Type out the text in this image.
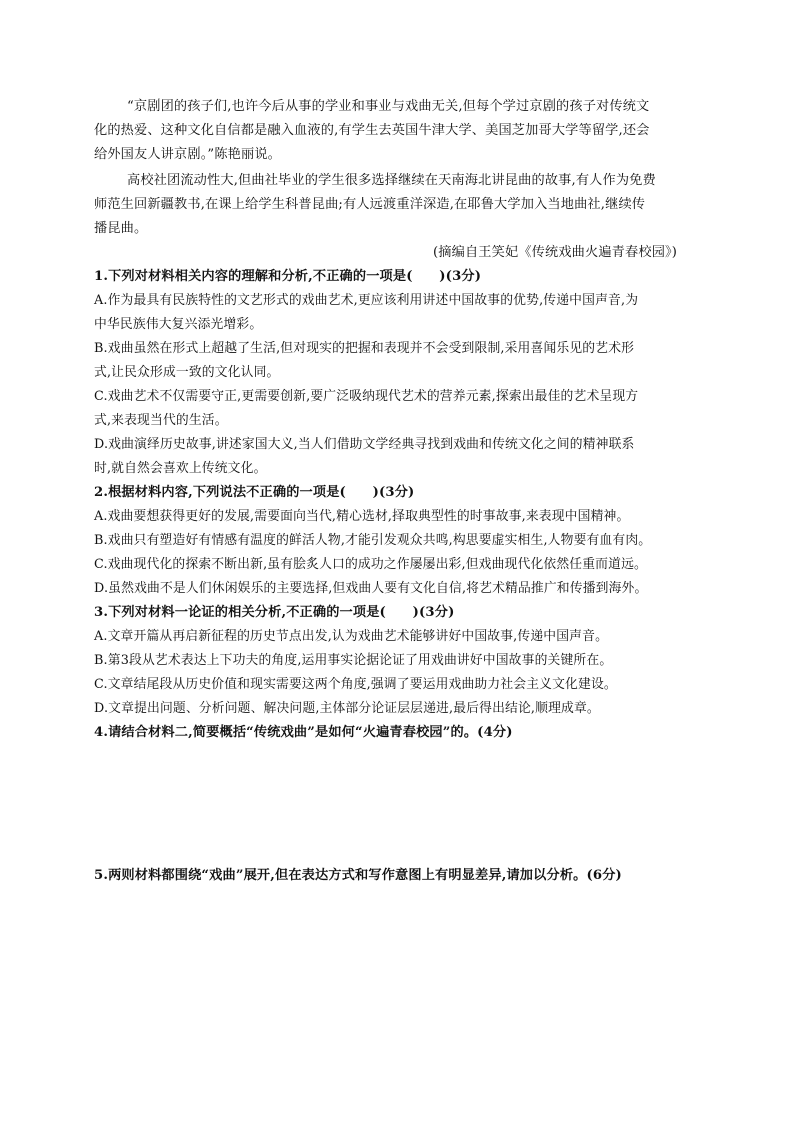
“京剧团的孩子们,也许今后从事的学业和事业与戏曲无关,但每个学过京剧的孩子对传统文
化的热爱、这种文化自信都是融入血液的,有学生去英国牛津大学、美国芝加哥大学等留学,还会
给外国友人讲京剧。”陈艳丽说。
高校社团流动性大,但曲社毕业的学生很多选择继续在天南海北讲昆曲的故事,有人作为免费
师范生回新疆教书,在课上给学生科普昆曲;有人远渡重洋深造,在耶鲁大学加入当地曲社,继续传
播昆曲。
(摘编自王笑妃《传统戏曲火遍青春校园》)
1.下列对材料相关内容的理解和分析,不正确的一项是(　　)(3分)
A.作为最具有民族特性的文艺形式的戏曲艺术,更应该利用讲述中国故事的优势,传递中国声音,为
中华民族伟大复兴添光增彩。
B.戏曲虽然在形式上超越了生活,但对现实的把握和表现并不会受到限制,采用喜闻乐见的艺术形
式,让民众形成一致的文化认同。
C.戏曲艺术不仅需要守正,更需要创新,要广泛吸纳现代艺术的营养元素,探索出最佳的艺术呈现方
式,来表现当代的生活。
D.戏曲演绎历史故事,讲述家国大义,当人们借助文学经典寻找到戏曲和传统文化之间的精神联系
时,就自然会喜欢上传统文化。
2.根据材料内容,下列说法不正确的一项是(　　)(3分)
A.戏曲要想获得更好的发展,需要面向当代,精心选材,择取典型性的时事故事,来表现中国精神。
B.戏曲只有塑造好有情感有温度的鲜活人物,才能引发观众共鸣,构思要虚实相生,人物要有血有肉。
C.戏曲现代化的探索不断出新,虽有脍炙人口的成功之作屡屡出彩,但戏曲现代化依然任重而道远。
D.虽然戏曲不是人们休闲娱乐的主要选择,但戏曲人要有文化自信,将艺术精品推广和传播到海外。
3.下列对材料一论证的相关分析,不正确的一项是(　　)(3分)
A.文章开篇从再启新征程的历史节点出发,认为戏曲艺术能够讲好中国故事,传递中国声音。
B.第3段从艺术表达上下功夫的角度,运用事实论据论证了用戏曲讲好中国故事的关键所在。
C.文章结尾段从历史价值和现实需要这两个角度,强调了要运用戏曲助力社会主义文化建设。
D.文章提出问题、分析问题、解决问题,主体部分论证层层递进,最后得出结论,顺理成章。
4.请结合材料二,简要概括“传统戏曲”是如何“火遍青春校园”的。(4分)
5.两则材料都围绕“戏曲”展开,但在表达方式和写作意图上有明显差异,请加以分析。(6分)
